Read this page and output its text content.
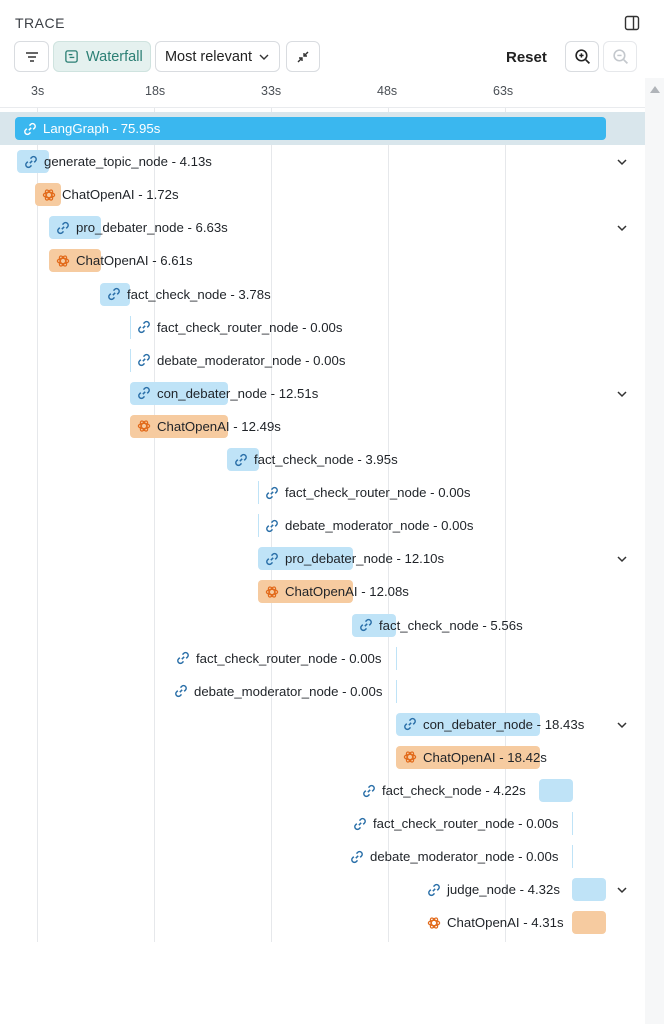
TRACE
Waterfall Most relevant	Reset
3s	18s	33s	48s	63s
LangGraph - 75.95s
generate_topic_node - 4.13s
ChatOpenAI - 1.72s
pro_debater_node - 6.63s
ChatOpenAI - 6.61s
fact_check_node - 3.78s
fact_check_router_node - 0.00s
debate_moderator_node - 0.00s
con_debater_node - 12.51s
ChatOpenAI - 12.49s
fact_check_node - 3.95s
fact_check_router_node - 0.00s
debate_moderator_node - 0.00s
pro_debater_node - 12.10s
ChatOpenAI - 12.08s
fact_check_node - 5.56s
fact_check_router_node - 0.00s
debate_moderator_node - 0.00s
con_debater_node - 18.43s
ChatOpenAI - 18.42s
fact_check_node - 4.22s
fact_check_router_node - 0.00s
debate_moderator_node - 0.00s
judge_node - 4.32s
ChatOpenAI - 4.31s
